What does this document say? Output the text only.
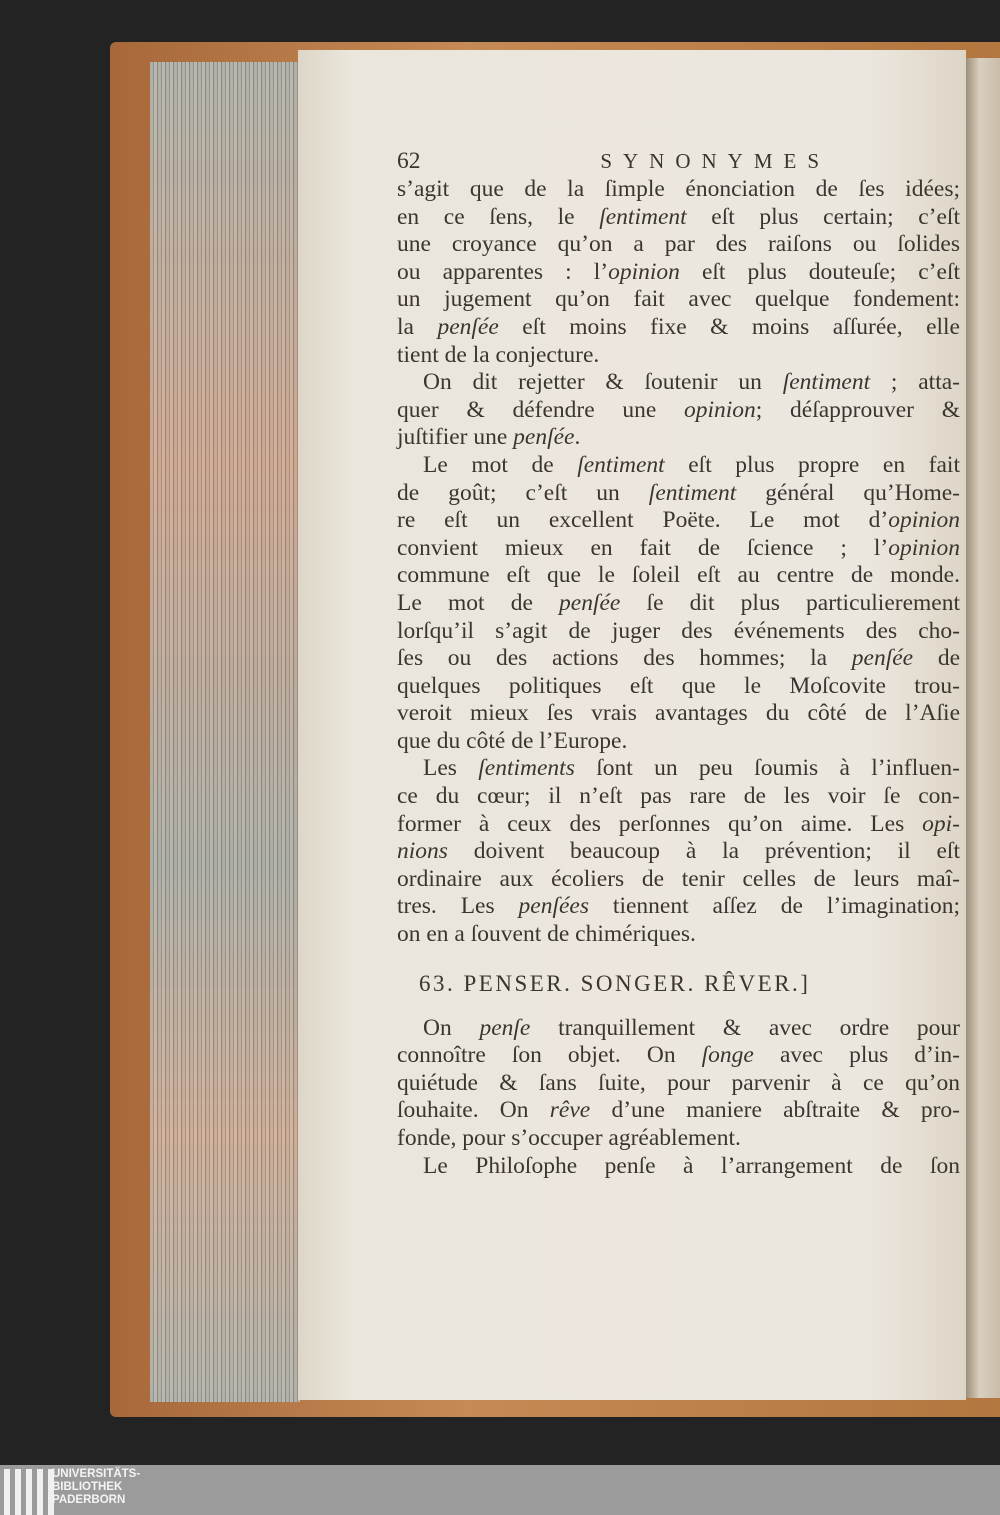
62	SYNONYMES
s’agit que de la ſimple énonciation de ſes idées;
en ce ſens, le ſentiment eſt plus certain; c’eſt
une croyance qu’on a par des raiſons ou ſolides
ou apparentes : l’opinion eſt plus douteuſe; c’eſt
un jugement qu’on fait avec quelque fondement:
la penſée eſt moins fixe & moins aſſurée, elle
tient de la conjecture.
On dit rejetter & ſoutenir un ſentiment ; atta-
quer & défendre une opinion; déſapprouver &
juſtifier une penſée.
Le mot de ſentiment eſt plus propre en fait
de goût; c’eſt un ſentiment général qu’Home-
re eſt un excellent Poëte. Le mot d’opinion
convient mieux en fait de ſcience ; l’opinion
commune eſt que le ſoleil eſt au centre de monde.
Le mot de penſée ſe dit plus particulierement
lorſqu’il s’agit de juger des événements des cho-
ſes ou des actions des hommes; la penſée de
quelques politiques eſt que le Moſcovite trou-
veroit mieux ſes vrais avantages du côté de l’Aſie
que du côté de l’Europe.
Les ſentiments ſont un peu ſoumis à l’influen-
ce du cœur; il n’eſt pas rare de les voir ſe con-
former à ceux des perſonnes qu’on aime. Les opi-
nions doivent beaucoup à la prévention; il eſt
ordinaire aux écoliers de tenir celles de leurs maî-
tres. Les penſées tiennent aſſez de l’imagination;
on en a ſouvent de chimériques.
63. PENSER. SONGER. RÊVER.]
On penſe tranquillement & avec ordre pour
connoître ſon objet. On ſonge avec plus d’in-
quiétude & ſans ſuite, pour parvenir à ce qu’on
ſouhaite. On rêve d’une maniere abſtraite & pro-
fonde, pour s’occuper agréablement.
Le Philoſophe penſe à l’arrangement de ſon
UNIVERSITÄTS-
BIBLIOTHEK
PADERBORN
